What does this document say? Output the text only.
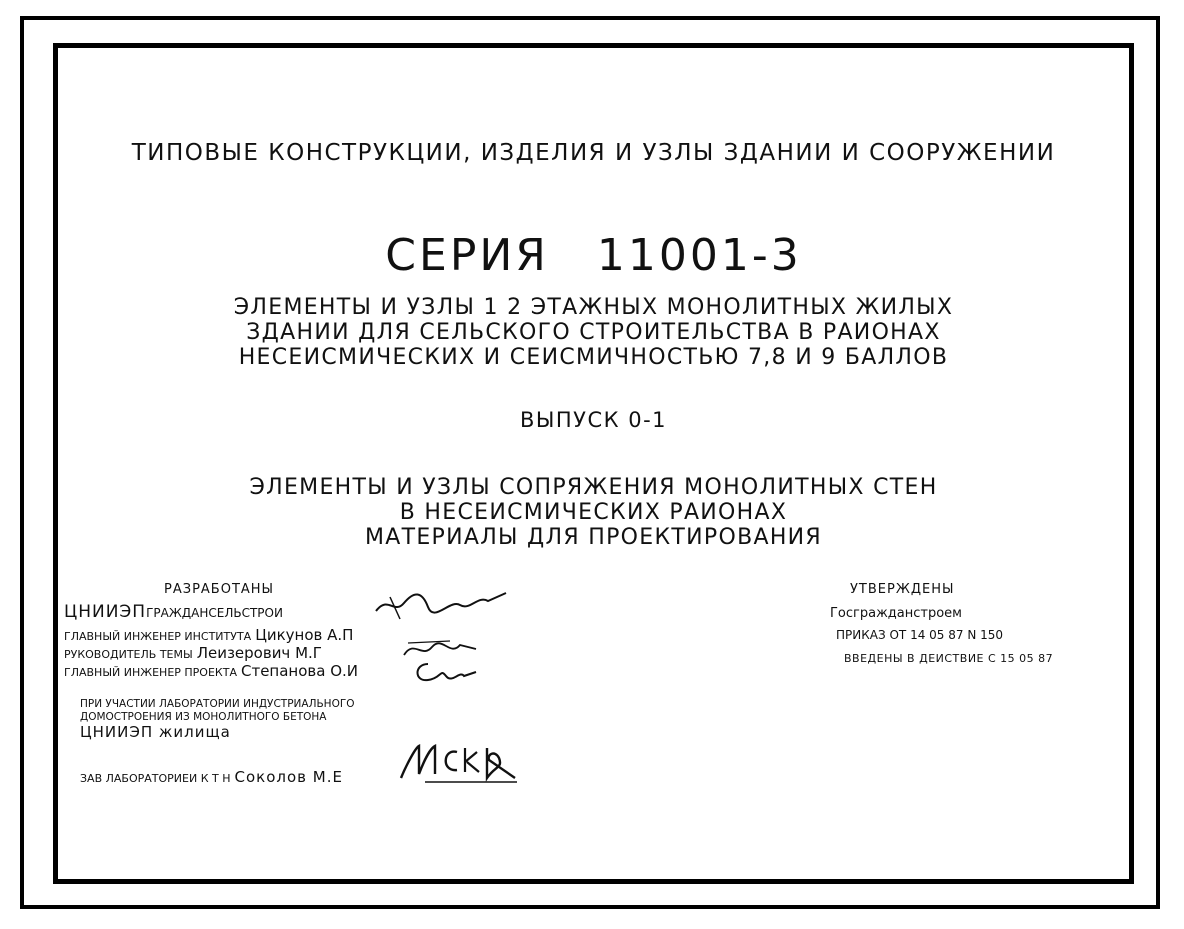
ТИПОВЫЕ КОНСТРУКЦИИ, ИЗДЕЛИЯ И УЗЛЫ ЗДАНИИ И СООРУЖЕНИИ
СЕРИЯ 11001-3
ЭЛЕМЕНТЫ И УЗЛЫ 1 2 ЭТАЖНЫХ МОНОЛИТНЫХ ЖИЛЫХ
ЗДАНИИ ДЛЯ СЕЛЬСКОГО СТРОИТЕЛЬСТВА В РАИОНАХ
НЕСЕИСМИЧЕСКИХ И СЕИСМИЧНОСТЬЮ 7,8 И 9 БАЛЛОВ
ВЫПУСК 0-1
ЭЛЕМЕНТЫ И УЗЛЫ СОПРЯЖЕНИЯ МОНОЛИТНЫХ СТЕН
В НЕСЕИСМИЧЕСКИХ РАИОНАХ
МАТЕРИАЛЫ ДЛЯ ПРОЕКТИРОВАНИЯ
РАЗРАБОТАНЫ
ЦНИИЭПГРАЖДАНСЕЛЬСТРОИ
ГЛАВНЫЙ ИНЖЕНЕР ИНСТИТУТА Цикунов А.П
РУКОВОДИТЕЛЬ ТЕМЫ Леизерович М.Г
ГЛАВНЫЙ ИНЖЕНЕР ПРОЕКТА Степанова О.И
ПРИ УЧАСТИИ ЛАБОРАТОРИИ ИНДУСТРИАЛЬНОГО
ДОМОСТРОЕНИЯ ИЗ МОНОЛИТНОГО БЕТОНА
ЦНИИЭП жилища
ЗАВ ЛАБОРАТОРИЕИ К Т Н Соколов М.Е
УТВЕРЖДЕНЫ
Госгражданстроем
ПРИКАЗ ОТ 14 05 87 N 150
ВВЕДЕНЫ В ДЕИСТВИЕ С 15 05 87
